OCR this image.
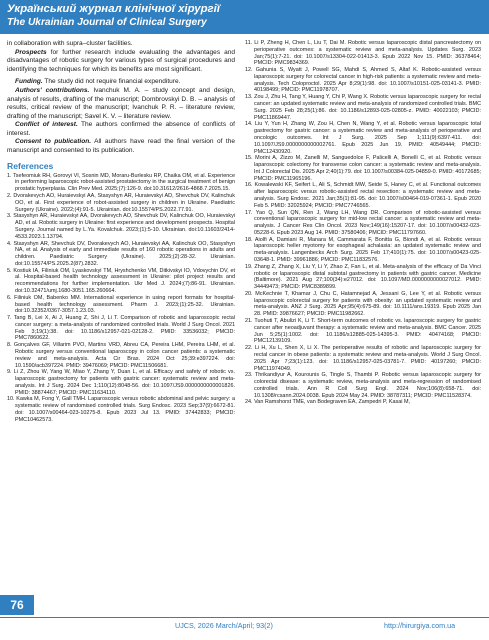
Український журнал клінічної хірургії
The Ukrainian Journal of Clinical Surgery

in collaboration with supra–cluster facilities.

Prospects for further research include evaluating the advantages and disadvantages of robotic surgery for various types of surgical procedures and identifying the techniques for which its benefits are most significant.

Funding. The study did not require financial expenditure.

Authors' contributions. Ivanchuk M. A. – study concept and design, analysis of results, drafting of the manuscript; Dombrovskyi D. B. – analysis of results, critical review of the manuscript; Ivanchuk P. R. – literature review, drafting of the manuscript; Savel K. V. – literature review.

Conflict of interest. The authors confirmed the absence of conflicts of interest.

Consent to publication. All authors have read the final version of the manuscript and consented to its publication.

References
1. Tsefeomiuk RH, Gorovyi VI, Sosnin MD, Moraru-Burlesku RP, Chaika OM, et al. Experience in performing laparoscopic robot-assisted prostatectomy in the surgical treatment of benign prostatic hyperplasia. Clin Prev Med. 2025;(7):126-9. doi:10.31612/2616-4868.7.2025.15.
2. Dvorakevych AO, Huraievskyi AA, Stasyshyn AR, Huraievskyi AD, Shevchuk DV, Kalinchuk OO, et al. First experience of robot-assisted surgery in children in Ukraine. Paediatric Surgery (Ukraine). 2022;(4):91-5. Ukrainian. doi:10.15574/PS.2022.77.91.
3. Stasyshyn AR, Huraievskyi AA, Dvorakevych AO, Shevchuk DV, Kalinchuk OO, Huraievskyi AD, et al. Robotic surgery in Ukraine: first experience and development prospects. Hospital Surgery. Journal named by L.Ya. Kovalchuk. 2023;(1):5-10. Ukrainian. doi:10.11603/2414-4533.2023.1.13794.
4. Stasyshyn AR, Shevchuk DV, Dvorakevych AO, Huraievskyi AA, Kalinchuk OO, Stasyshyn NA, et al. Analysis of early and immediate results of 160 robotic operations in adults and children. Paediatric Surgery (Ukraine). 2025;(2):28-32. Ukrainian. doi:10.15574/PS.2025.2(87).2832.
5. Kostiuk IA, Filiniuk OM, Lyaskovskyi TM, Hryshchenko VM, Ditkivskyi IO, Vdovychin DV, et al. Hospital-based health technology assessment in Ukraine: pilot project results and recommendations for further implementation. Ukr Med J. 2024;(7):86-91. Ukrainian. doi:10.32471/umj.1680-3051.165.260664.
6. Filiniuk OM, Babenko MM. International experience in using report formats for hospital-based health technology assessment. Pharm J. 2023;(1):25-32. Ukrainian. doi:10.32352/0367-3057.1.23.03.
7. Tang B, Lei X, Ai J, Huang Z, Shi J, Li T. Comparison of robotic and laparoscopic rectal cancer surgery: a meta-analysis of randomized controlled trials. World J Surg Oncol. 2021 Feb 3;19(1):38. doi: 10.1186/s12957-021-02128-2. PMID: 33536032; PMCID: PMC7860622.
8. Gonçalves GF, Villarim PVO, Martins VRD, Abreu CA, Pereira LHM, Pereira LHM, et al. Robotic surgery versus conventional laparoscopy in colon cancer patients: a systematic review and meta-analysis. Acta Cir Bras. 2024 Oct 25;39:e397224. doi: 10.1590/acb397224. PMID: 39476069; PMCID: PMC11506681.
9. Li Z, Zhou W, Yang W, Miao Y, Zhang Y, Duan L, et al. Efficacy and safety of robotic vs. laparoscopic gastrectomy for patients with gastric cancer: systematic review and meta-analysis. Int J Surg. 2024 Dec 1;110(12):8048-56. doi: 10.1097/JS9.0000000000001826. PMID: 38874467; PMCID: PMC11634110.
10. Kawka M, Fong Y, Gall TMH. Laparoscopic versus robotic abdominal and pelvic surgery: a systematic review of randomised controlled trials. Surg Endosc. 2023 Sep;37(9):6672-81. doi: 10.1007/s00464-023-10275-8. Epub 2023 Jul 13. PMID: 37442833; PMCID: PMC10462573.
11. Li P, Zheng H, Chen L, Liu T, Dai M. Robotic versus laparoscopic distal pancreatectomy on perioperative outcomes: a systematic review and meta-analysis. Updates Surg. 2023 Jan;75(1):7-21. doi: 10.1007/s13304-022-01413-3. Epub 2022 Nov 15. PMID: 36378464; PMCID: PMC9834369.
12. Gahunia S, Wyatt J, Powell SG, Mahdi S, Ahmed S, Altaf K. Robotic-assisted versus laparoscopic surgery for colorectal cancer in high-risk patients: a systematic review and meta-analysis. Tech Coloproctol. 2025 Apr 8;29(1):98. doi: 10.1007/s10151-025-03141-3. PMID: 40198499; PMCID: PMC11978707.
13. Zou J, Zhu H, Tang Y, Huang Y, Chi P, Wang X. Robotic versus laparoscopic surgery for rectal cancer: an updated systematic review and meta-analysis of randomized controlled trials. BMC Surg. 2025 Feb 28;25(1):86. doi: 10.1186/s12893-025-02805-z. PMID: 40022103; PMCID: PMC11869447.
14. Liu Y, Yun H, Zhang W, Zou H, Chen N, Wang Y, et al. Robotic versus laparoscopic total gastrectomy for gastric cancer: a systematic review and meta-analysis of perioperative and oncologic outcomes. Int J Surg. 2025 Sep 1;111(9):6397-411. doi: 10.1097/JS9.0000000000002761. Epub 2025 Jun 19. PMID: 40549444; PMCID: PMC12430920.
15. Morini A, Zizzo M, Zanelli M, Sanguedolce F, Palicelli A, Bonelli C, et al. Robotic versus laparoscopic colectomy for transverse colon cancer: a systematic review and meta-analysis. Int J Colorectal Dis. 2025 Apr 2;40(1):79. doi: 10.1007/s00384-025-04859-0. PMID: 40172685; PMCID: PMC11965196.
16. Kowalewski KF, Seifert L, Ali S, Schmidt MW, Seide S, Haney C, et al. Functional outcomes after laparoscopic versus robotic-assisted rectal resection: a systematic review and meta-analysis. Surg Endosc. 2021 Jan;35(1):81-95. doi: 10.1007/s00464-019-07361-1. Epub 2020 Feb 5. PMID: 32025924; PMCID: PMC7746565.
17. Yao Q, Sun QN, Ren J, Wang LH, Wang DR. Comparison of robotic-assisted versus conventional laparoscopic surgery for mid-low rectal cancer: a systematic review and meta-analysis. J Cancer Res Clin Oncol. 2023 Nov;149(16):15207-17. doi: 10.1007/s00432-023-05228-6. Epub 2023 Aug 14. PMID: 37580406; PMCID: PMC11797660.
18. Aiolfi A, Damiani R, Manara M, Cammarata F, Bonitta G, Biondi A, et al. Robotic versus laparoscopic heller myotomy for esophageal achalasia: an updated systematic review and meta-analysis. Langenbecks Arch Surg. 2025 Feb 17;410(1):75. doi: 10.1007/s00423-025-03648-1. PMID: 39961886; PMCID: PMC11832576.
19. Zhang Z, Zhang X, Liu Y, Li Y, Zhao Z, Fan L, et al. Meta-analysis of the efficacy of Da Vinci robotic or laparoscopic distal subtotal gastrectomy in patients with gastric cancer. Medicine (Baltimore). 2021 Aug 27;100(34):e27012. doi: 10.1097/MD.0000000000027012. PMID: 34449473; PMCID: PMC8389899.
20. McKechnie T, Khamar J, Chu C, Hatamnejad A, Jessani G, Lee Y, et al. Robotic versus laparoscopic colorectal surgery for patients with obesity: an updated systematic review and meta-analysis. ANZ J Surg. 2025 Apr;95(4):675-89. doi: 10.1111/ans.19319. Epub 2025 Jan 28. PMID: 39876627; PMCID: PMC11982662.
21. Tuohuti T, Abulizi K, Li T. Short-term outcomes of robotic vs. laparoscopic surgery for gastric cancer after neoadjuvant therapy: a systematic review and meta-analysis. BMC Cancer. 2025 Jun 5;25(1):1002. doi: 10.1186/s12885-025-14395-3. PMID: 40474168; PMCID: PMC12139109.
22. Li H, Xu L, Shen X, Li X. The perioperative results of robotic and laparoscopic surgery for rectal cancer in obese patients: a systematic review and meta-analysis. World J Surg Oncol. 2025 Apr 7;23(1):123. doi: 10.1186/s12957-025-03781-7. PMID: 40197260; PMCID: PMC11974049.
23. Thrikandiyur A, Kourounis G, Tingle S, Thambi P. Robotic versus laparoscopic surgery for colorectal disease: a systematic review, meta-analysis and meta-regression of randomised controlled trials. Ann R Coll Surg Engl. 2024 Nov;106(8):658-71. doi: 10.1308/rcsann.2024.0038. Epub 2024 May 24. PMID: 38787311; PMCID: PMC11528374.
24. Van Ramshorst TME, van Bodegraven EA, Zampedri P, Kasai M,
76
UJCS, 2026 March/April; 93(2)	http://hirurgiya.com.ua
